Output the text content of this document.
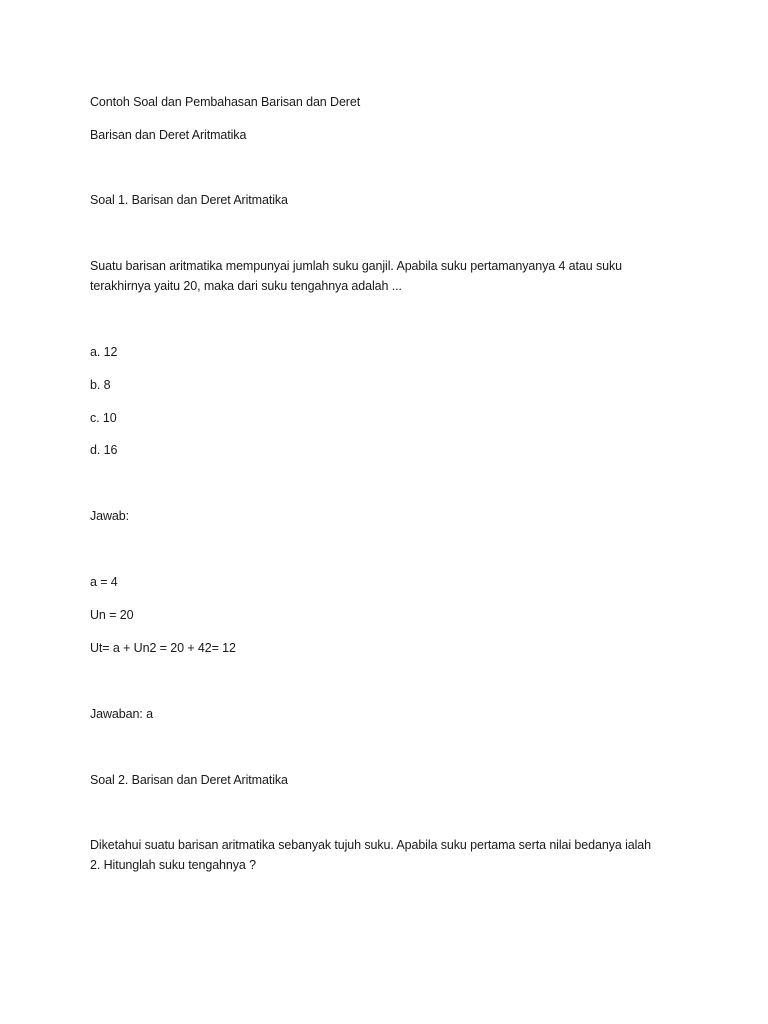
Contoh Soal dan Pembahasan Barisan dan Deret
Barisan dan Deret Aritmatika
Soal 1. Barisan dan Deret Aritmatika
Suatu barisan aritmatika mempunyai jumlah suku ganjil. Apabila suku pertamanyanya 4 atau suku
terakhirnya yaitu 20, maka dari suku tengahnya adalah ...
a. 12
b. 8
c. 10
d. 16
Jawab:
a = 4
Un = 20
Ut= a + Un2 = 20 + 42= 12
Jawaban: a
Soal 2. Barisan dan Deret Aritmatika
Diketahui suatu barisan aritmatika sebanyak tujuh suku. Apabila suku pertama serta nilai bedanya ialah
2. Hitunglah suku tengahnya ?
